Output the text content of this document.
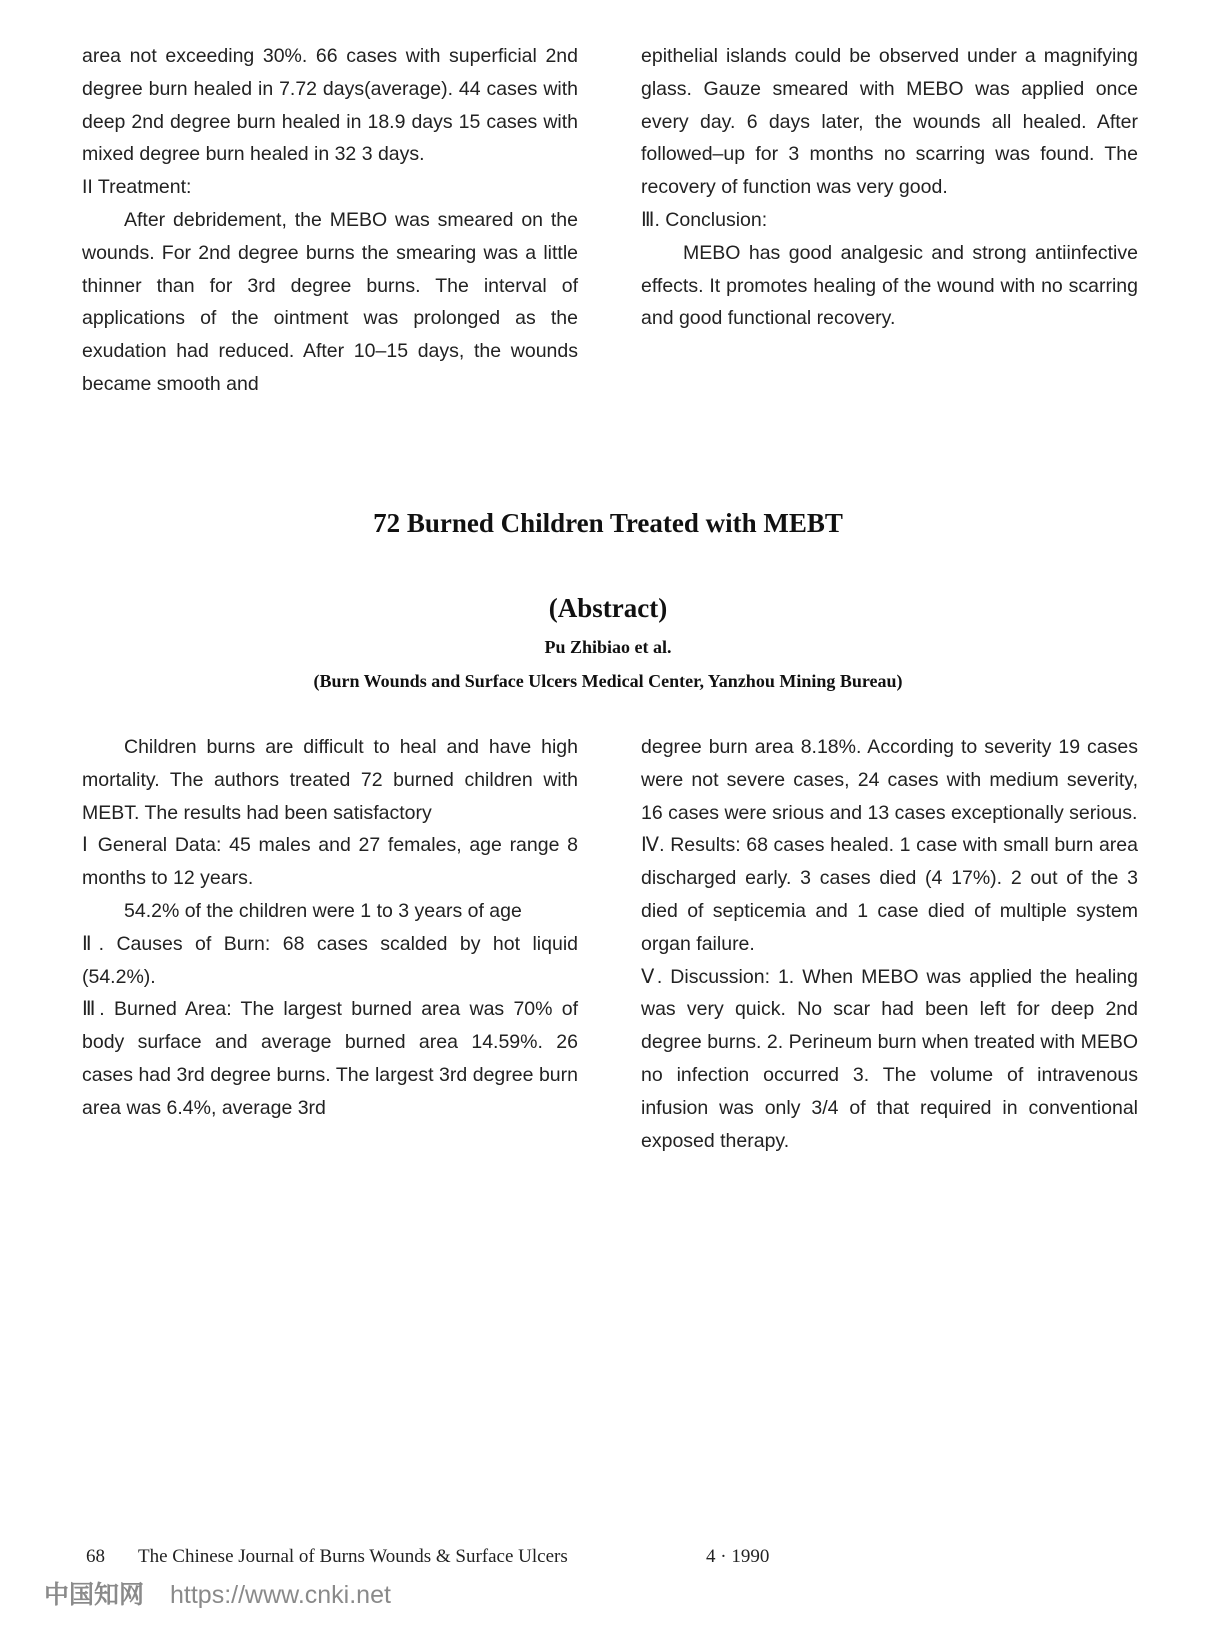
area not exceeding 30%. 66 cases with superficial 2nd degree burn healed in 7.72 days(average). 44 cases with deep 2nd degree burn healed in 18.9 days 15 cases with mixed degree burn healed in 32 3 days.

II Treatment:

After debridement, the MEBO was smeared on the wounds. For 2nd degree burns the smearing was a little thinner than for 3rd degree burns. The interval of applications of the ointment was prolonged as the exudation had reduced. After 10–15 days, the wounds became smooth and

epithelial islands could be observed under a magnifying glass. Gauze smeared with MEBO was applied once every day. 6 days later, the wounds all healed. After followed–up for 3 months no scarring was found. The recovery of function was very good.

Ⅲ. Conclusion:

MEBO has good analgesic and strong antiinfective effects. It promotes healing of the wound with no scarring and good functional recovery.

72 Burned Children Treated with MEBT
(Abstract)
Pu Zhibiao et al.
(Burn Wounds and Surface Ulcers Medical Center, Yanzhou Mining Bureau)

Children burns are difficult to heal and have high mortality. The authors treated 72 burned children with MEBT. The results had been satisfactory

Ⅰ General Data: 45 males and 27 females, age range 8 months to 12 years.

54.2% of the children were 1 to 3 years of age

Ⅱ. Causes of Burn: 68 cases scalded by hot liquid (54.2%).

Ⅲ. Burned Area: The largest burned area was 70% of body surface and average burned area 14.59%. 26 cases had 3rd degree burns. The largest 3rd degree burn area was 6.4%, average 3rd

degree burn area 8.18%. According to severity 19 cases were not severe cases, 24 cases with medium severity, 16 cases were srious and 13 cases exceptionally serious.

Ⅳ. Results: 68 cases healed. 1 case with small burn area discharged early. 3 cases died (4 17%). 2 out of the 3 died of septicemia and 1 case died of multiple system organ failure.

Ⅴ. Discussion: 1. When MEBO was applied the healing was very quick. No scar had been left for deep 2nd degree burns. 2. Perineum burn when treated with MEBO no infection occurred 3. The volume of intravenous infusion was only 3/4 of that required in conventional exposed therapy.

68 The Chinese Journal of Burns Wounds & Surface Ulcers	4 · 1990
中国知网 https://www.cnki.net
